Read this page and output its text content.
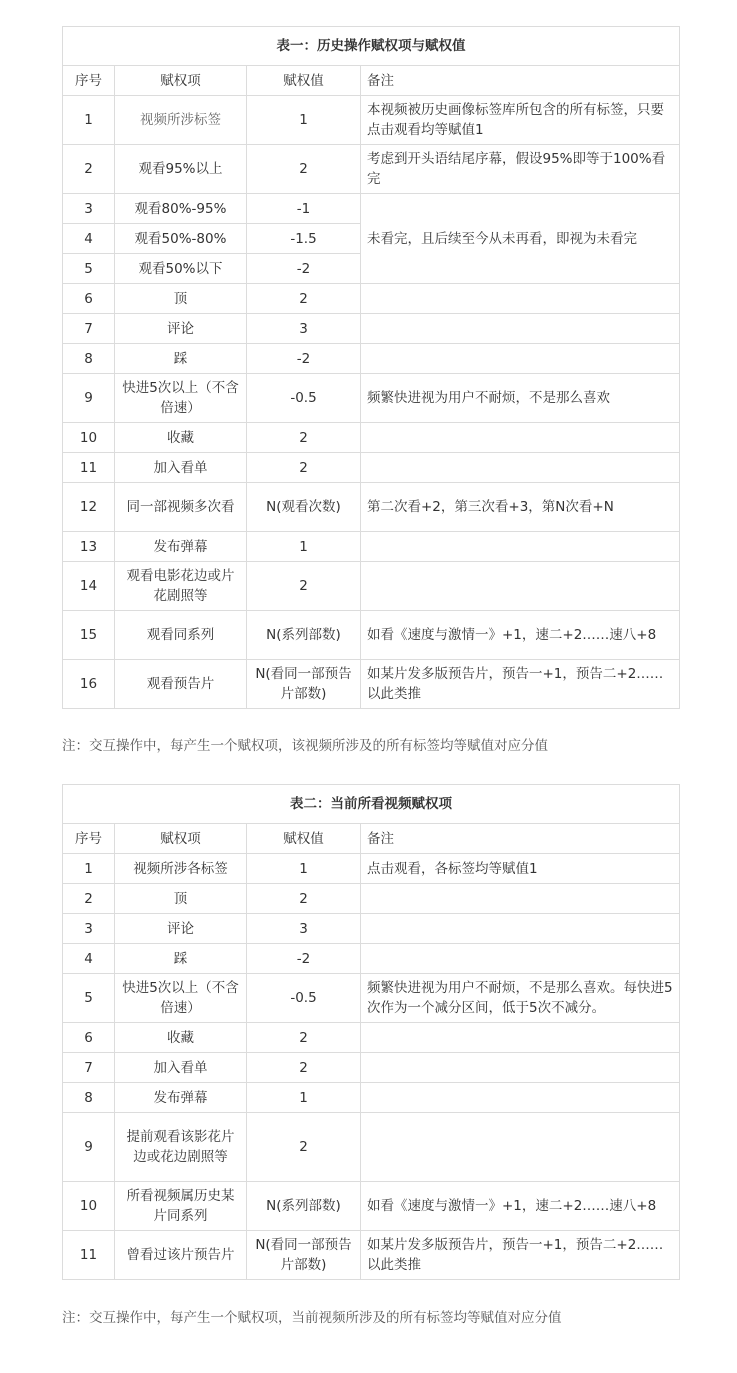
表一：历史操作赋权项与赋权值			
序号	赋权项	赋权值	备注
1	视频所涉标签	1	本视频被历史画像标签库所包含的所有标签，只要点击观看均等赋值1
2	观看95%以上	2	考虑到开头语结尾序幕，假设95%即等于100%看完
3	观看80%-95%	-1	未看完，且后续至今从未再看，即视为未看完
4	观看50%-80%	-1.5	
5	观看50%以下	-2	
6	顶	2	
7	评论	3	
8	踩	-2	
9	快进5次以上（不含倍速）	-0.5	频繁快进视为用户不耐烦，不是那么喜欢
10	收藏	2	
11	加入看单	2	
12	同一部视频多次看	N(观看次数)	第二次看+2，第三次看+3，第N次看+N
13	发布弹幕	1	
14	观看电影花边或片花剧照等	2	
15	观看同系列	N(系列部数)	如看《速度与激情一》+1，速二+2……速八+8
16	观看预告片	N(看同一部预告片部数)	如某片发多版预告片，预告一+1，预告二+2……以此类推

注：交互操作中，每产生一个赋权项，该视频所涉及的所有标签均等赋值对应分值

表二：当前所看视频赋权项			
序号	赋权项	赋权值	备注
1	视频所涉各标签	1	点击观看，各标签均等赋值1
2	顶	2	
3	评论	3	
4	踩	-2	
5	快进5次以上（不含倍速）	-0.5	频繁快进视为用户不耐烦，不是那么喜欢。每快进5次作为一个减分区间，低于5次不减分。
6	收藏	2	
7	加入看单	2	
8	发布弹幕	1	
9	提前观看该影花片边或花边剧照等	2	
10	所看视频属历史某片同系列	N(系列部数)	如看《速度与激情一》+1，速二+2……速八+8
11	曾看过该片预告片	N(看同一部预告片部数)	如某片发多版预告片，预告一+1，预告二+2……以此类推

注：交互操作中，每产生一个赋权项，当前视频所涉及的所有标签均等赋值对应分值
